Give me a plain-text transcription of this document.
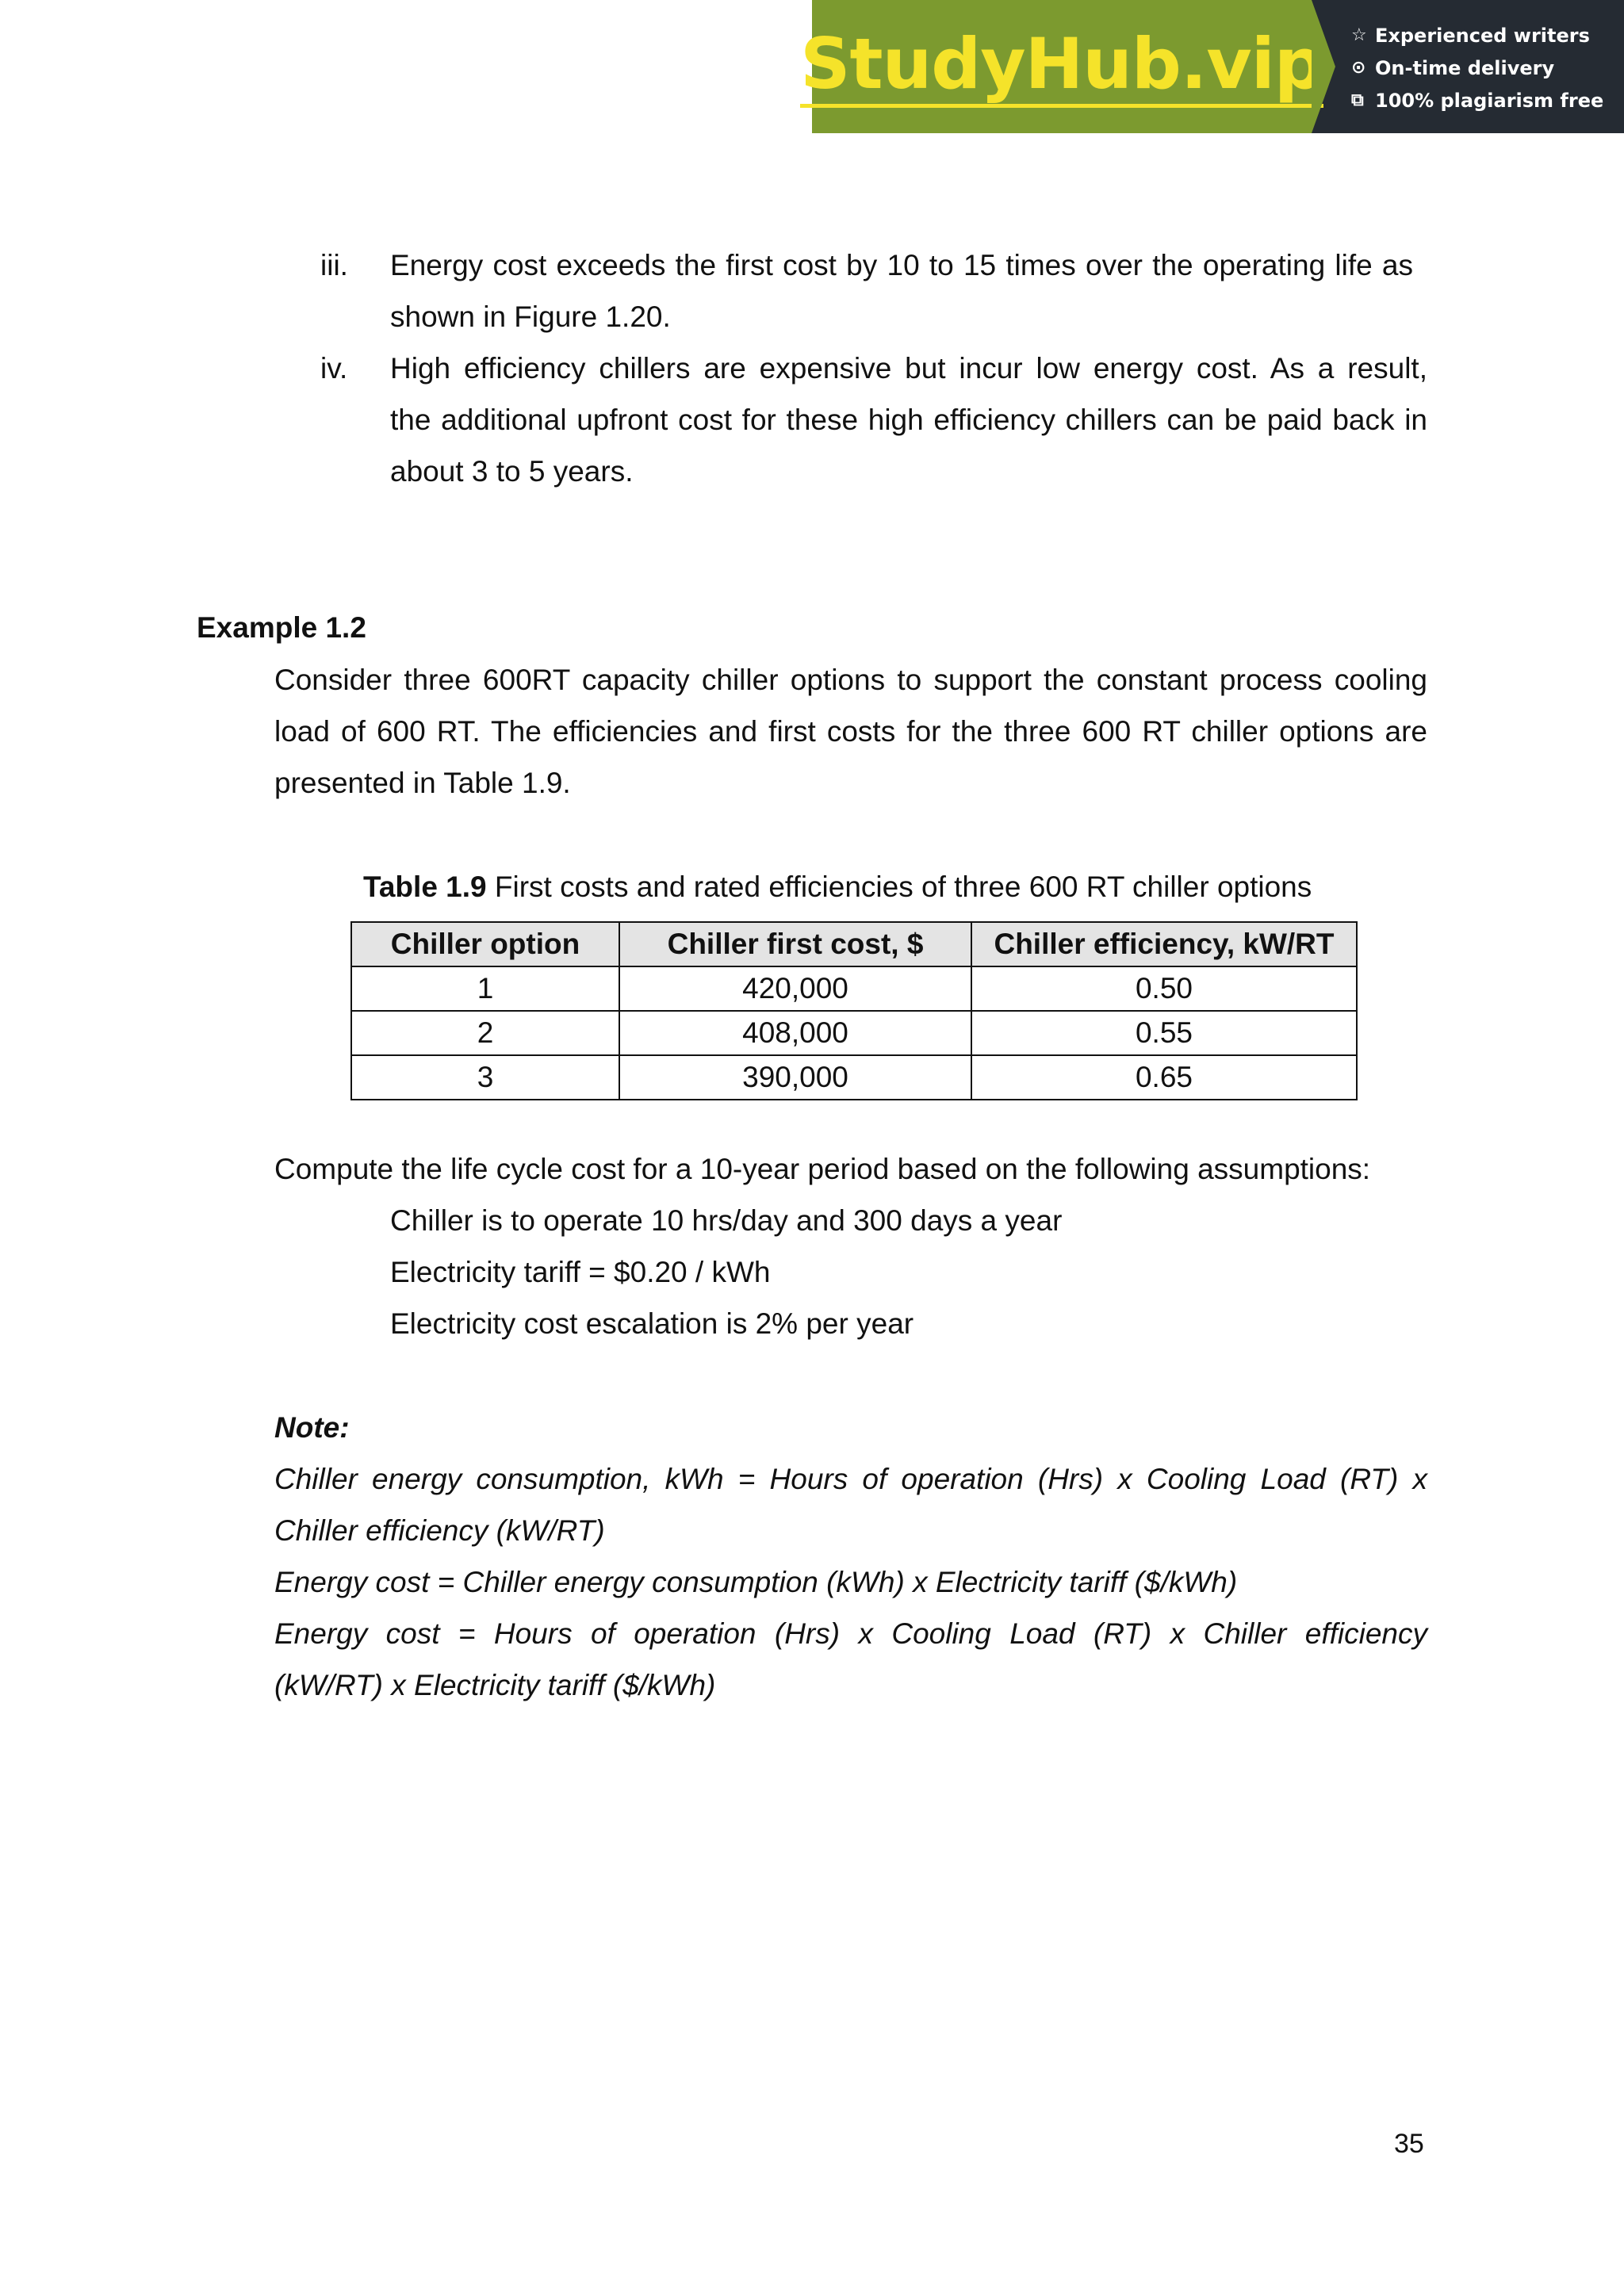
StudyHub.vip ☆ Experienced writers
⊙ On-time delivery
⧉ 100% plagiarism free
iii. Energy cost exceeds the first cost by 10 to 15 times over the operating life as
shown in Figure 1.20.
iv. High efficiency chillers are expensive but incur low energy cost. As a result,
the additional upfront cost for these high efficiency chillers can be paid back in
about 3 to 5 years.
Example 1.2
Consider three 600RT capacity chiller options to support the constant process cooling
load of 600 RT. The efficiencies and first costs for the three 600 RT chiller options are
presented in Table 1.9.
Table 1.9 First costs and rated efficiencies of three 600 RT chiller options
Chiller option	Chiller first cost, $	Chiller efficiency, kW/RT
1	420,000	0.50
2	408,000	0.55
3	390,000	0.65
Compute the life cycle cost for a 10-year period based on the following assumptions:
Chiller is to operate 10 hrs/day and 300 days a year
Electricity tariff = $0.20 / kWh
Electricity cost escalation is 2% per year
Note:
Chiller energy consumption, kWh = Hours of operation (Hrs) x Cooling Load (RT) x
Chiller efficiency (kW/RT)
Energy cost = Chiller energy consumption (kWh) x Electricity tariff ($/kWh)
Energy cost = Hours of operation (Hrs) x Cooling Load (RT) x Chiller efficiency
(kW/RT) x Electricity tariff ($/kWh)
35
